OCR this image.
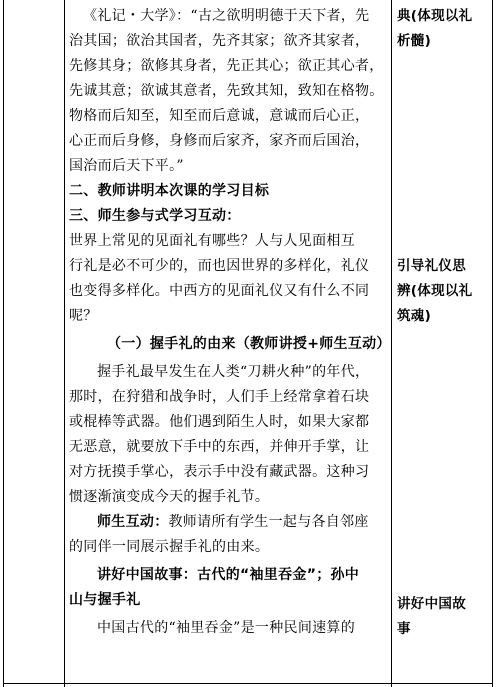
《礼记・大学》：“古之欲明明德于天下者，先
治其国；欲治其国者，先齐其家；欲齐其家者，
先修其身；欲修其身者，先正其心；欲正其心者，
先诚其意；欲诚其意者，先致其知，致知在格物。
物格而后知至，知至而后意诚，意诚而后心正，
心正而后身修，身修而后家齐，家齐而后国治，
国治而后天下平。”
二、教师讲明本次课的学习目标
三、师生参与式学习互动：
世界上常见的见面礼有哪些？人与人见面相互
行礼是必不可少的，而也因世界的多样化，礼仪
也变得多样化。中西方的见面礼仪又有什么不同
呢？
（一）握手礼的由来（教师讲授+师生互动）
握手礼最早发生在人类“刀耕火种”的年代，
那时，在狩猎和战争时，人们手上经常拿着石块
或棍棒等武器。他们遇到陌生人时，如果大家都
无恶意，就要放下手中的东西，并伸开手掌，让
对方抚摸手掌心，表示手中没有藏武器。这种习
惯逐渐演变成今天的握手礼节。
师生互动：教师请所有学生一起与各自邻座
的同伴一同展示握手礼的由来。
讲好中国故事：古代的“袖里吞金”；孙中
山与握手礼
中国古代的“袖里吞金”是一种民间速算的
典(体现以礼
析髓)
引导礼仪思
辨(体现以礼
筑魂)
讲好中国故
事
